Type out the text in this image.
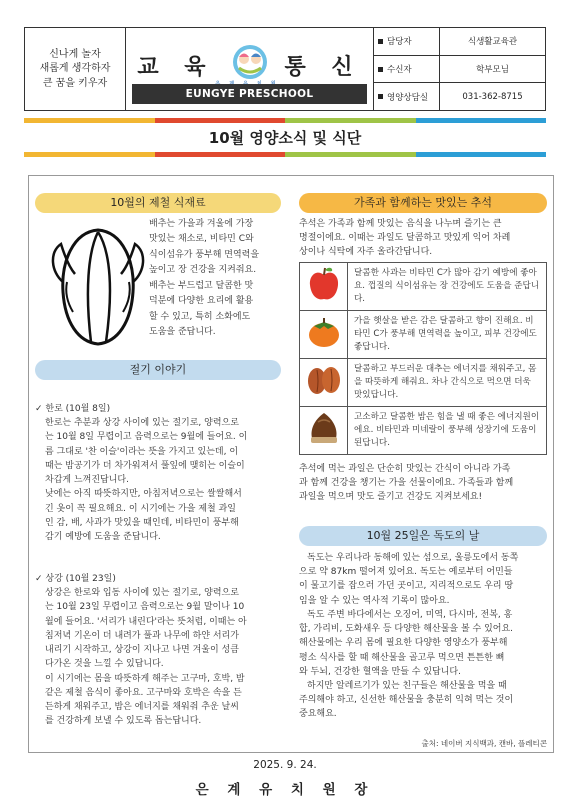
신나게 놀자
새롭게 생각하자
큰 꿈을 키우자
교 육	통 신
EUNGYE PRESCHOOL
담당자	식생활교육관
수신자	학부모님
영양상담실	031-362-8715
10월 영양소식 및 식단
10월의 제철 식재료

배추는 가을과 겨울에 가장

맛있는 채소로, 비타민 C와

식이섬유가 풍부해 면역력을

높이고 장 건강을 지켜줘요.

배추는 부드럽고 달콤한 맛

덕분에 다양한 요리에 활용

할 수 있고, 특히 소화에도

도움을 준답니다.

절기 이야기

✓ 한로 (10월 8일)

한로는 추분과 상강 사이에 있는 절기로, 양력으로

는 10월 8일 무렵이고 음력으로는 9월에 들어요. 이

름 그대로 '찬 이슬'이라는 뜻을 가지고 있는데, 이

때는 밤공기가 더 차가워져서 풀잎에 맺히는 이슬이

차갑게 느껴진답니다.

낮에는 아직 따뜻하지만, 아침저녁으로는 쌀쌀해서

긴 옷이 꼭 필요해요. 이 시기에는 가을 제철 과일

인 감, 배, 사과가 맛있을 때인데, 비타민이 풍부해

감기 예방에 도움을 준답니다.

✓ 상강 (10월 23일)

상강은 한로와 입동 사이에 있는 절기로, 양력으로

는 10월 23일 무렵이고 음력으로는 9월 말이나 10

월에 들어요. '서리가 내린다'라는 뜻처럼, 이때는 아

침저녁 기온이 더 내려가 풀과 나무에 하얀 서리가

내리기 시작하고, 상강이 지나고 나면 겨울이 성큼

다가온 것을 느낄 수 있답니다.

이 시기에는 몸을 따뜻하게 해주는 고구마, 호박, 밤

같은 제철 음식이 좋아요. 고구마와 호박은 속을 든

든하게 채워주고, 밤은 에너지를 채워줘 추운 날씨

를 건강하게 보낼 수 있도록 돕는답니다.

가족과 함께하는 맛있는 추석

추석은 가족과 함께 맛있는 음식을 나누며 즐기는 큰

명절이에요. 이때는 과일도 달콤하고 맛있게 익어 차례

상이나 식탁에 자주 올라간답니다.

	달콤한 사과는 비타민 C가 많아 감기 예방에 좋아요. 껍질의 식이섬유는 장 건강에도 도움을 준답니다.
	가을 햇살을 받은 감은 달콤하고 향이 진해요. 비타민 C가 풍부해 면역력을 높이고, 피부 건강에도 좋답니다.
	달콤하고 부드러운 대추는 에너지를 채워주고, 몸을 따뜻하게 해줘요. 차나 간식으로 먹으면 더욱 맛있답니다.
	고소하고 달콤한 밤은 힘을 낼 때 좋은 에너지원이에요. 비타민과 미네랄이 풍부해 성장기에 도움이 된답니다.

추석에 먹는 과일은 단순히 맛있는 간식이 아니라 가족

과 함께 건강을 챙기는 가을 선물이에요. 가족들과 함께

과일을 먹으며 맛도 즐기고 건강도 지켜보세요!

10월 25일은 독도의 날

독도는 우리나라 동해에 있는 섬으로, 울릉도에서 동쪽

으로 약 87km 떨어져 있어요. 독도는 예로부터 어민들

이 물고기를 잡으러 가던 곳이고, 지리적으로도 우리 땅

임을 알 수 있는 역사적 기록이 많아요.

독도 주변 바다에서는 오징어, 미역, 다시마, 전복, 홍

합, 가리비, 도화새우 등 다양한 해산물을 볼 수 있어요.

해산물에는 우리 몸에 필요한 다양한 영양소가 풍부해

평소 식사를 할 때 해산물을 골고루 먹으면 튼튼한 뼈

와 두뇌, 건강한 혈액을 만들 수 있답니다.

하지만 알레르기가 있는 친구들은 해산물을 먹을 때

주의해야 하고, 신선한 해산물을 충분히 익혀 먹는 것이

중요해요.

출처: 네이버 지식백과, 캔바, 플레티콘
2025. 9. 24.
은 계 유 치 원 장
